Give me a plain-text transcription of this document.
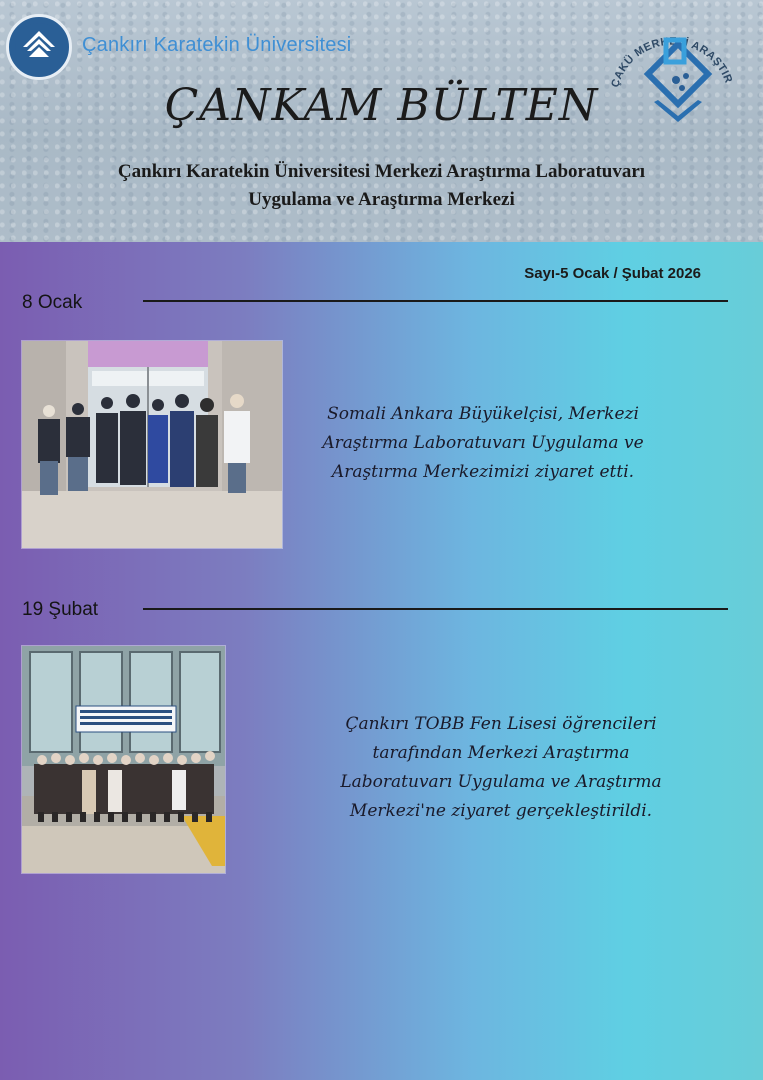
Çankırı Karatekin Üniversitesi
ÇAKÜ MERKEZİ ARAŞTIR
ÇANKAM BÜLTEN
Çankırı Karatekin Üniversitesi Merkezi Araştırma Laboratuvarı
Uygulama ve Araştırma Merkezi
Sayı-5 Ocak / Şubat 2026
8 Ocak
Somali Ankara Büyükelçisi, Merkezi Araştırma Laboratuvarı Uygulama ve Araştırma Merkezimizi ziyaret etti.
19 Şubat
Çankırı TOBB Fen Lisesi öğrencileri tarafından Merkezi Araştırma Laboratuvarı Uygulama ve Araştırma Merkezi'ne ziyaret gerçekleştirildi.
